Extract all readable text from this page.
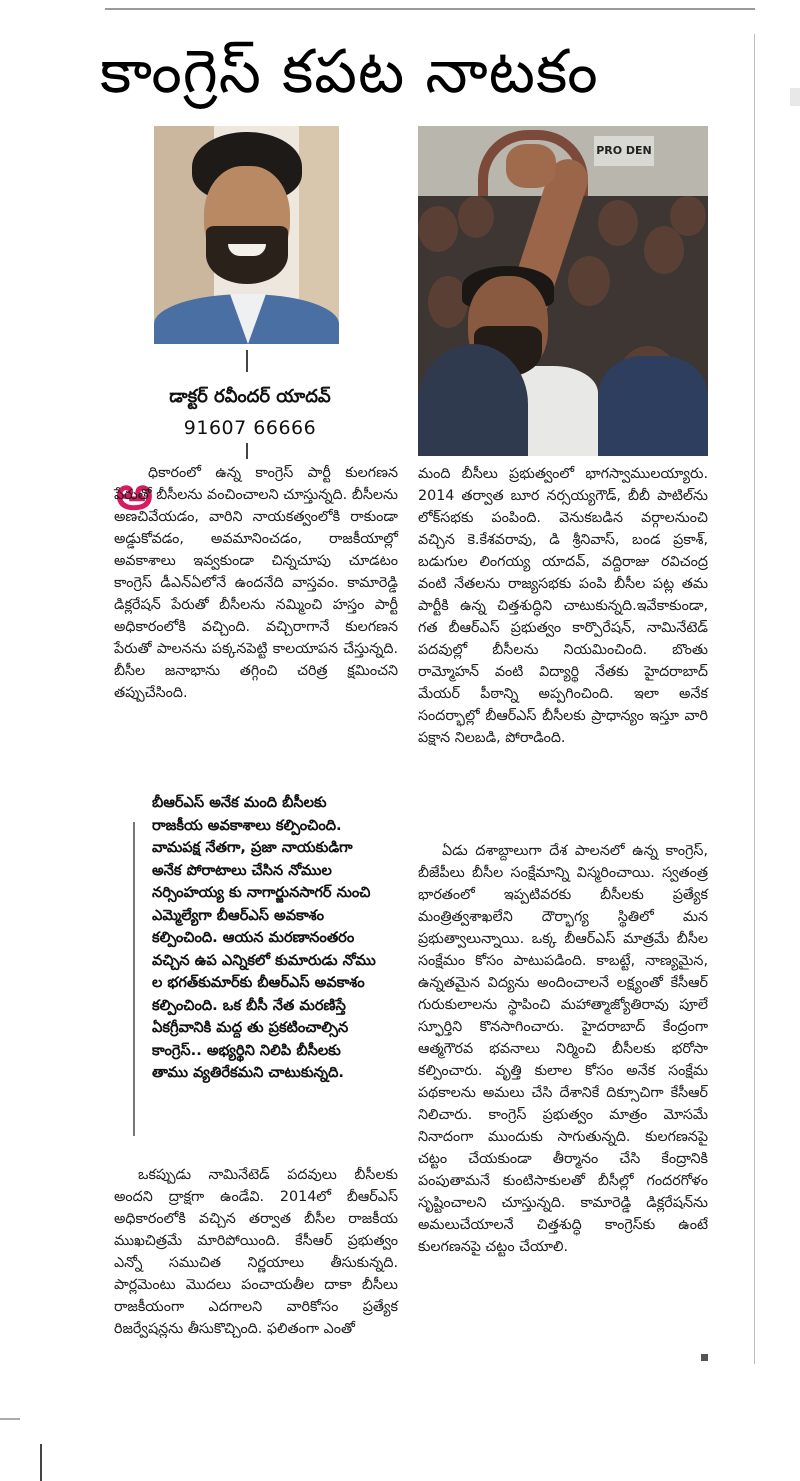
కాంగ్రెస్ కపట నాటకం
డాక్టర్ రవీందర్ యాదవ్
91607 66666
PRO DEN
అ

ధికారంలో ఉన్న కాంగ్రెస్ పార్టీ కులగణన పేరుతో బీసీలను వంచించాలని చూస్తున్నది. బీసీలను అణచివేయడం, వారిని నాయకత్వంలోకి రాకుండా అడ్డుకోవడం, అవమానించడం, రాజకీయాల్లో అవకాశాలు ఇవ్వకుండా చిన్నచూపు చూడటం కాంగ్రెస్ డీఎన్ఏలోనే ఉందనేది వాస్తవం. కామారెడ్డి డిక్లరేషన్ పేరుతో బీసీలను నమ్మించి హస్తం పార్టీ అధికారంలోకి వచ్చింది. వచ్చిరాగానే కులగణన పేరుతో పాలనను పక్కనపెట్టి కాలయాపన చేస్తున్నది. బీసీల జనాభాను తగ్గించి చరిత్ర క్షమించని తప్పుచేసింది.

బీఆర్ఎస్ అనేక మంది బీసీలకు రాజకీయ అవకాశాలు కల్పించింది. వామపక్ష నేతగా, ప్రజా నాయకుడిగా అనేక పోరాటాలు చేసిన నోముల నర్సింహయ్య కు నాగార్జునసాగర్ నుంచి ఎమ్మెల్యేగా బీఆర్ఎస్ అవకాశం కల్పించింది. ఆయన మరణానంతరం వచ్చిన ఉప ఎన్నికలో కుమారుడు నోము ల భగత్‌కుమార్‌కు బీఆర్ఎస్ అవకాశం కల్పించింది. ఒక బీసీ నేత మరణిస్తే ఏకగ్రీవానికి మద్ద తు ప్రకటించాల్సిన కాంగ్రెస్.. అభ్యర్థిని నిలిపి బీసీలకు తాము వ్యతిరేకమని చాటుకున్నది.

ఒకప్పుడు నామినేటెడ్ పదవులు బీసీలకు అందని ద్రాక్షగా ఉండేవి. 2014లో బీఆర్ఎస్ అధికారంలోకి వచ్చిన తర్వాత బీసీల రాజకీయ ముఖచిత్రమే మారిపోయింది. కేసీఆర్ ప్రభుత్వం ఎన్నో సముచిత నిర్ణయాలు తీసుకున్నది. పార్లమెంటు మొదలు పంచాయతీల దాకా బీసీలు రాజకీయంగా ఎదగాలని వారికోసం ప్రత్యేక రిజర్వేషన్లను తీసుకొచ్చింది. ఫలితంగా ఎంతో

మంది బీసీలు ప్రభుత్వంలో భాగస్వాములయ్యారు. 2014 తర్వాత బూర నర్సయ్యగౌడ్, బీబీ పాటిల్‌ను లోక్‌సభకు పంపింది. వెనుకబడిన వర్గాలనుంచి వచ్చిన కె.కేశవరావు, డి శ్రీనివాస్, బండ ప్రకాశ్, బడుగుల లింగయ్య యాదవ్, వద్దిరాజు రవిచంద్ర వంటి నేతలను రాజ్యసభకు పంపి బీసీల పట్ల తమ పార్టీకి ఉన్న చిత్తశుద్ధిని చాటుకున్నది.ఇవేకాకుండా, గత బీఆర్ఎస్ ప్రభుత్వం కార్పొరేషన్, నామినేటెడ్ పదవుల్లో బీసీలను నియమించింది. బొంతు రామ్మోహన్ వంటి విద్యార్థి నేతకు హైదరాబాద్ మేయర్ పీఠాన్ని అప్పగించింది. ఇలా అనేక సందర్భాల్లో బీఆర్ఎస్ బీసీలకు ప్రాధాన్యం ఇస్తూ వారి పక్షాన నిలబడి, పోరాడింది.

ఏడు దశాబ్దాలుగా దేశ పాలనలో ఉన్న కాంగ్రెస్, బీజేపీలు బీసీల సంక్షేమాన్ని విస్మరించాయి. స్వతంత్ర భారతంలో ఇప్పటివరకు బీసీలకు ప్రత్యేక మంత్రిత్వశాఖలేని దౌర్భాగ్య స్థితిలో మన ప్రభుత్వాలున్నాయి. ఒక్క బీఆర్ఎస్ మాత్రమే బీసీల సంక్షేమం కోసం పాటుపడింది. కాబట్టే, నాణ్యమైన, ఉన్నతమైన విద్యను అందించాలనే లక్ష్యంతో కేసీఆర్ గురుకులాలను స్థాపించి మహాత్మాజ్యోతిరావు పూలే స్ఫూర్తిని కొనసాగించారు. హైదరాబాద్ కేంద్రంగా ఆత్మగౌరవ భవనాలు నిర్మించి బీసీలకు భరోసా కల్పించారు. వృత్తి కులాల కోసం అనేక సంక్షేమ పథకాలను అమలు చేసి దేశానికే దిక్సూచిగా కేసీఆర్ నిలిచారు. కాంగ్రెస్ ప్రభుత్వం మాత్రం మోసమే నినాదంగా ముందుకు సాగుతున్నది. కులగణనపై చట్టం చేయకుండా తీర్మానం చేసి కేంద్రానికి పంపుతామనే కుంటిసాకులతో బీసీల్లో గందరగోళం సృష్టించాలని చూస్తున్నది. కామారెడ్డి డిక్లరేషన్‌ను అమలుచేయాలనే చిత్తశుద్ధి కాంగ్రెస్‌కు ఉంటే కులగణనపై చట్టం చేయాలి.
